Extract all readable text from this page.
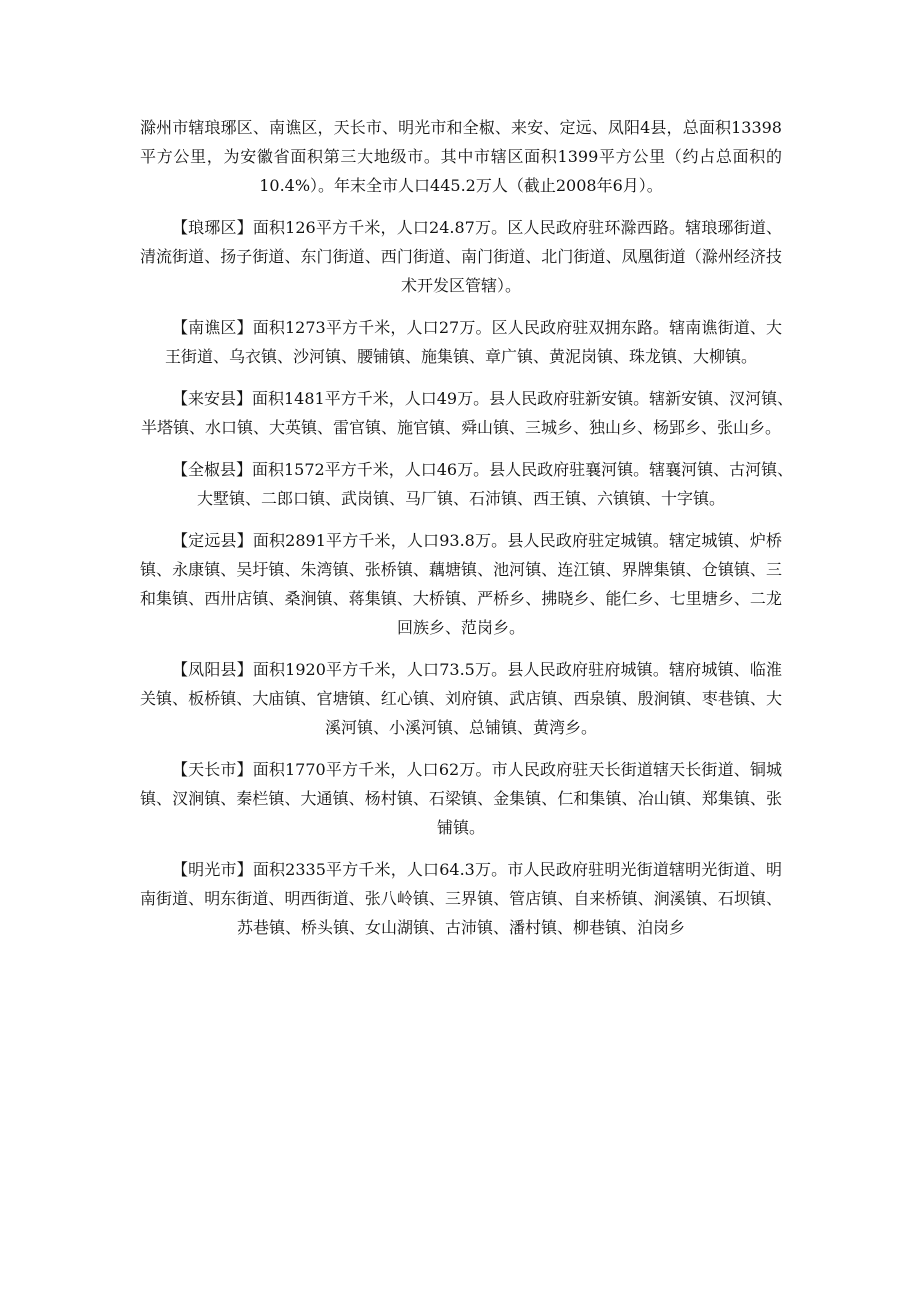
滁州市辖琅琊区、南谯区，天长市、明光市和全椒、来安、定远、凤阳4县，总面积13398
平方公里，为安徽省面积第三大地级市。其中市辖区面积1399平方公里（约占总面积的
10.4%）。年末全市人口445.2万人（截止2008年6月）。
【琅琊区】面积126平方千米，人口24.87万。区人民政府驻环滁西路。辖琅琊街道、
清流街道、扬子街道、东门街道、西门街道、南门街道、北门街道、凤凰街道（滁州经济技
术开发区管辖）。
【南谯区】面积1273平方千米，人口27万。区人民政府驻双拥东路。辖南谯街道、大
王街道、乌衣镇、沙河镇、腰铺镇、施集镇、章广镇、黄泥岗镇、珠龙镇、大柳镇。
【来安县】面积1481平方千米，人口49万。县人民政府驻新安镇。辖新安镇、汊河镇、
半塔镇、水口镇、大英镇、雷官镇、施官镇、舜山镇、三城乡、独山乡、杨郢乡、张山乡。
【全椒县】面积1572平方千米，人口46万。县人民政府驻襄河镇。辖襄河镇、古河镇、
大墅镇、二郎口镇、武岗镇、马厂镇、石沛镇、西王镇、六镇镇、十字镇。
【定远县】面积2891平方千米，人口93.8万。县人民政府驻定城镇。辖定城镇、炉桥
镇、永康镇、吴圩镇、朱湾镇、张桥镇、藕塘镇、池河镇、连江镇、界牌集镇、仓镇镇、三
和集镇、西卅店镇、桑涧镇、蒋集镇、大桥镇、严桥乡、拂晓乡、能仁乡、七里塘乡、二龙
回族乡、范岗乡。
【凤阳县】面积1920平方千米，人口73.5万。县人民政府驻府城镇。辖府城镇、临淮
关镇、板桥镇、大庙镇、官塘镇、红心镇、刘府镇、武店镇、西泉镇、殷涧镇、枣巷镇、大
溪河镇、小溪河镇、总铺镇、黄湾乡。
【天长市】面积1770平方千米，人口62万。市人民政府驻天长街道辖天长街道、铜城
镇、汊涧镇、秦栏镇、大通镇、杨村镇、石梁镇、金集镇、仁和集镇、冶山镇、郑集镇、张
铺镇。
【明光市】面积2335平方千米，人口64.3万。市人民政府驻明光街道辖明光街道、明
南街道、明东街道、明西街道、张八岭镇、三界镇、管店镇、自来桥镇、涧溪镇、石坝镇、
苏巷镇、桥头镇、女山湖镇、古沛镇、潘村镇、柳巷镇、泊岗乡
